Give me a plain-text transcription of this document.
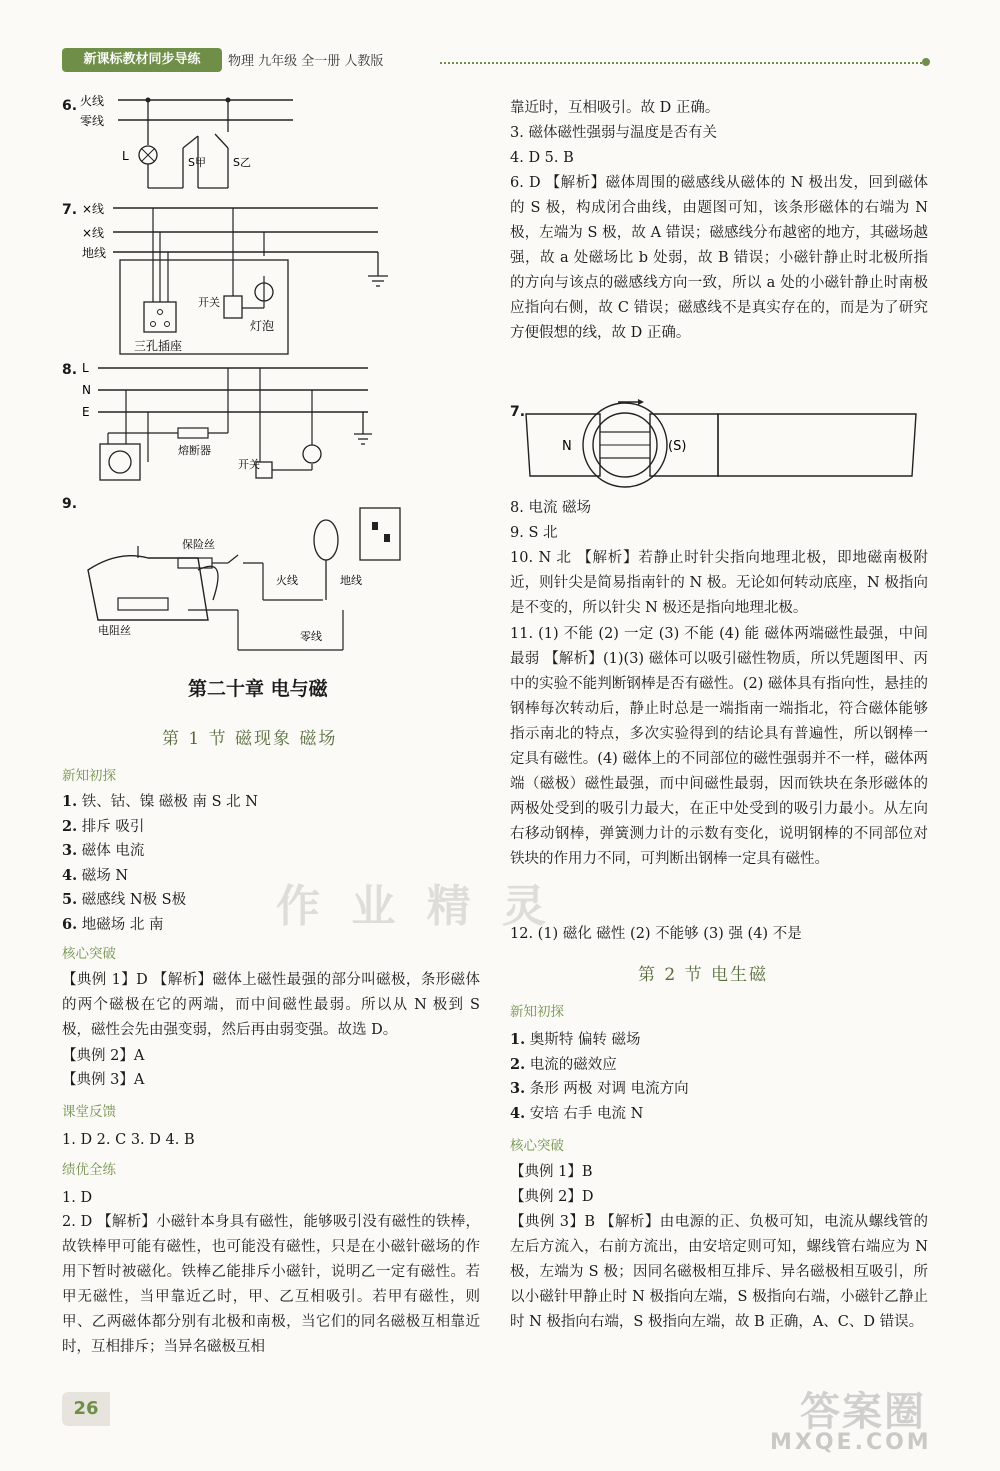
新课标教材同步导练	物理 九年级 全一册 人教版
6. 火线
零线
L	S甲 S乙
7. ×线
×线
地线
三孔插座
开关
灯泡
8. L
N
E
熔断器
开关
9.
电阻丝
保险丝
火线	地线
零线
第二十章 电与磁
第 1 节 磁现象 磁场
新知初探
1. 铁、钴、镍 磁极 南 S 北 N
2. 排斥 吸引
3. 磁体 电流
4. 磁场 N
5. 磁感线 N极 S极
6. 地磁场 北 南
核心突破
【典例 1】D 【解析】磁体上磁性最强的部分叫磁极，条形磁体的两个磁极在它的两端，而中间磁性最弱。所以从 N 极到 S 极，磁性会先由强变弱，然后再由弱变强。故选 D。
【典例 2】A
【典例 3】A
课堂反馈
1. D 2. C 3. D 4. B
绩优全练
1. D
2. D 【解析】小磁针本身具有磁性，能够吸引没有磁性的铁棒，故铁棒甲可能有磁性，也可能没有磁性，只是在小磁针磁场的作用下暂时被磁化。铁棒乙能排斥小磁针，说明乙一定有磁性。若甲无磁性，当甲靠近乙时，甲、乙互相吸引。若甲有磁性，则甲、乙两磁体都分别有北极和南极，当它们的同名磁极互相靠近时，互相排斥；当异名磁极互相
26
靠近时，互相吸引。故 D 正确。
3. 磁体磁性强弱与温度是否有关
4. D 5. B
6. D 【解析】磁体周围的磁感线从磁体的 N 极出发，回到磁体的 S 极，构成闭合曲线，由题图可知，该条形磁体的右端为 N 极，左端为 S 极，故 A 错误；磁感线分布越密的地方，其磁场越强，故 a 处磁场比 b 处弱，故 B 错误；小磁针静止时北极所指的方向与该点的磁感线方向一致，所以 a 处的小磁针静止时南极应指向右侧，故 C 错误；磁感线不是真实存在的，而是为了研究方便假想的线，故 D 正确。
7.
N	(S)
8. 电流 磁场
9. S 北
10. N 北 【解析】若静止时针尖指向地理北极，即地磁南极附近，则针尖是简易指南针的 N 极。无论如何转动底座，N 极指向是不变的，所以针尖 N 极还是指向地理北极。
11. (1) 不能 (2) 一定 (3) 不能 (4) 能 磁体两端磁性最强，中间最弱 【解析】(1)(3) 磁体可以吸引磁性物质，所以凭题图甲、丙中的实验不能判断钢棒是否有磁性。(2) 磁体具有指向性，悬挂的钢棒每次转动后，静止时总是一端指南一端指北，符合磁体能够指示南北的特点，多次实验得到的结论具有普遍性，所以钢棒一定具有磁性。(4) 磁体上的不同部位的磁性强弱并不一样，磁体两端（磁极）磁性最强，而中间磁性最弱，因而铁块在条形磁体的两极处受到的吸引力最大，在正中处受到的吸引力最小。从左向右移动钢棒，弹簧测力计的示数有变化，说明钢棒的不同部位对铁块的作用力不同，可判断出钢棒一定具有磁性。
12. (1) 磁化 磁性 (2) 不能够 (3) 强 (4) 不是
第 2 节 电生磁
新知初探
1. 奥斯特 偏转 磁场
2. 电流的磁效应
3. 条形 两极 对调 电流方向
4. 安培 右手 电流 N
核心突破
【典例 1】B
【典例 2】D
【典例 3】B 【解析】由电源的正、负极可知，电流从螺线管的左后方流入，右前方流出，由安培定则可知，螺线管右端应为 N 极，左端为 S 极；因同名磁极相互排斥、异名磁极相互吸引，所以小磁针甲静止时 N 极指向左端，S 极指向右端，小磁针乙静止时 N 极指向右端，S 极指向左端，故 B 正确，A、C、D 错误。
作 业 精 灵
答案圈
MXQE.COM
